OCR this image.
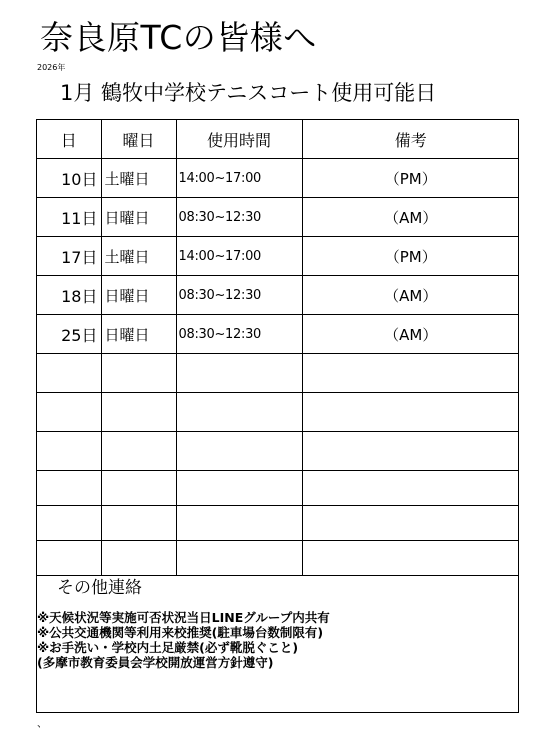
奈良原TCの皆様へ
2026年
1月 鶴牧中学校テニスコート使用可能日
日	曜日	使用時間	備考
10日	土曜日	14:00~17:00	（PM）
11日	日曜日	08:30~12:30	（AM）
17日	土曜日	14:00~17:00	（PM）
18日	日曜日	08:30~12:30	（AM）
25日	日曜日	08:30~12:30	（AM）

その他連絡
※天候状況等実施可否状況当日LINEグループ内共有
※公共交通機関等利用来校推奨(駐車場台数制限有)
※お手洗い・学校内土足厳禁(必ず靴脱ぐこと)
(多摩市教育委員会学校開放運営方針遵守)
、
